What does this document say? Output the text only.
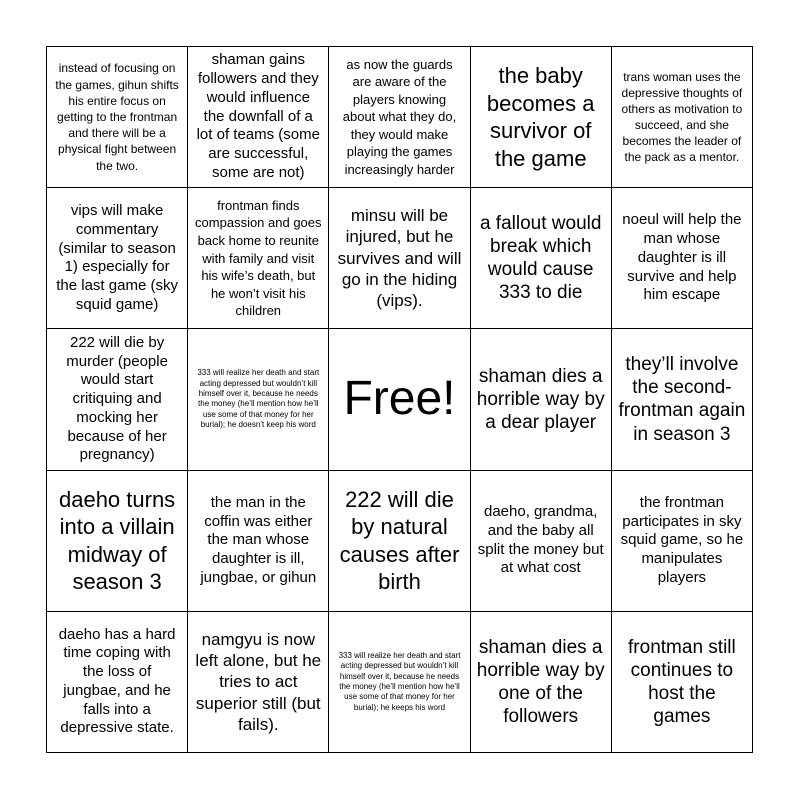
instead of focusing on the games, gihun shifts his entire focus on getting to the frontman and there will be a physical fight between the two.
shaman gains followers and they would influence the downfall of a lot of teams (some are successful, some are not)
as now the guards are aware of the players knowing about what they do, they would make playing the games increasingly harder
the baby becomes a survivor of the game
trans woman uses the depressive thoughts of others as motivation to succeed, and she becomes the leader of the pack as a mentor.
vips will make commentary (similar to season 1) especially for the last game (sky squid game)
frontman finds compassion and goes back home to reunite with family and visit his wife’s death, but he won’t visit his children
minsu will be injured, but he survives and will go in the hiding (vips).
a fallout would break which would cause 333 to die
noeul will help the man whose daughter is ill survive and help him escape
222 will die by murder (people would start critiquing and mocking her because of her pregnancy)
333 will realize her death and start acting depressed but wouldn’t kill himself over it, because he needs the money (he’ll mention how he’ll use some of that money for her burial); he doesn’t keep his word Free! shaman dies a horrible way by a dear player
they’ll involve the second-frontman again in season 3
daeho turns into a villain midway of season 3
the man in the coffin was either the man whose daughter is ill, jungbae, or gihun
222 will die by natural causes after birth
daeho, grandma, and the baby all split the money but at what cost
the frontman participates in sky squid game, so he manipulates players
daeho has a hard time coping with the loss of jungbae, and he falls into a depressive state.
namgyu is now left alone, but he tries to act superior still (but fails).
333 will realize her death and start acting depressed but wouldn’t kill himself over it, because he needs the money (he’ll mention how he’ll use some of that money for her burial); he keeps his word
shaman dies a horrible way by one of the followers
frontman still continues to host the games
